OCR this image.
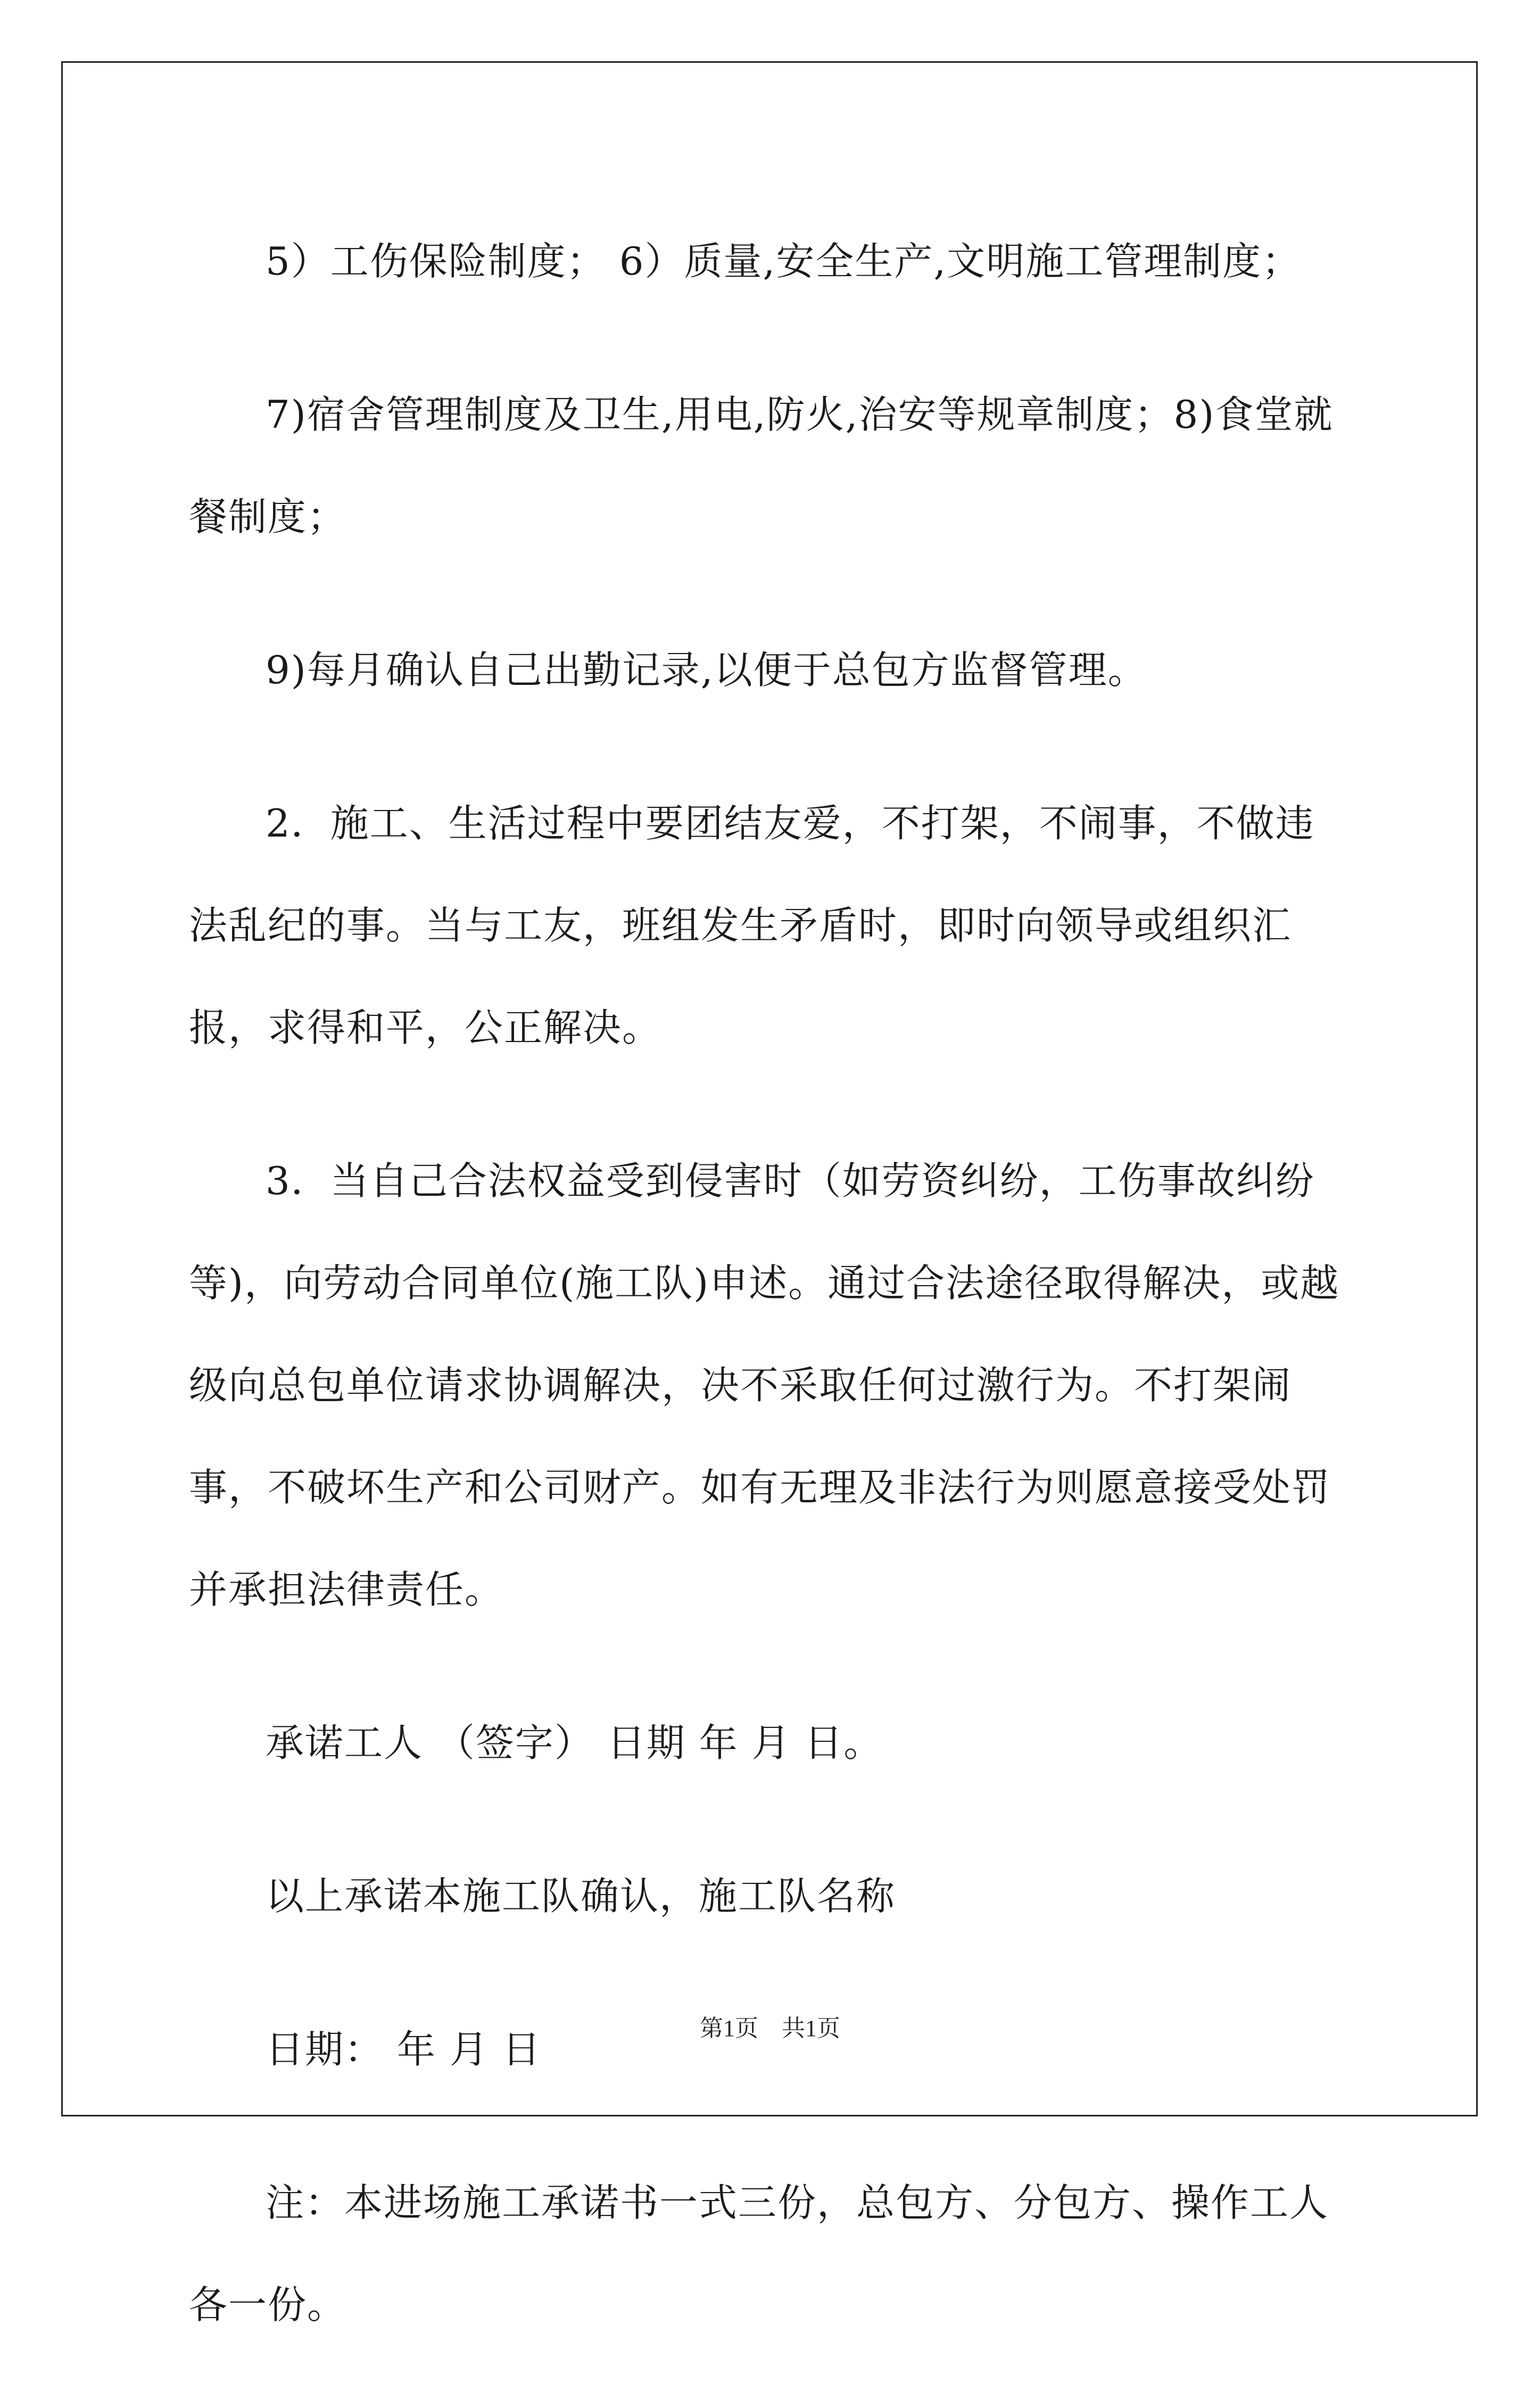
5）工伤保险制度； 6）质量,安全生产,文明施工管理制度；

7)宿舍管理制度及卫生,用电,防火,治安等规章制度；8)食堂就餐制度；

9)每月确认自己出勤记录,以便于总包方监督管理。

2．施工、生活过程中要团结友爱，不打架，不闹事，不做违法乱纪的事。当与工友，班组发生矛盾时，即时向领导或组织汇报，求得和平，公正解决。

3．当自己合法权益受到侵害时（如劳资纠纷，工伤事故纠纷等)，向劳动合同单位(施工队)申述。通过合法途径取得解决，或越级向总包单位请求协调解决，决不采取任何过激行为。不打架闹事，不破坏生产和公司财产。如有无理及非法行为则愿意接受处罚并承担法律责任。

承诺工人 （签字） 日期 年 月 日。

以上承诺本施工队确认，施工队名称

日期： 年 月 日

注：本进场施工承诺书一式三份，总包方、分包方、操作工人各一份。

第1页　共1页
